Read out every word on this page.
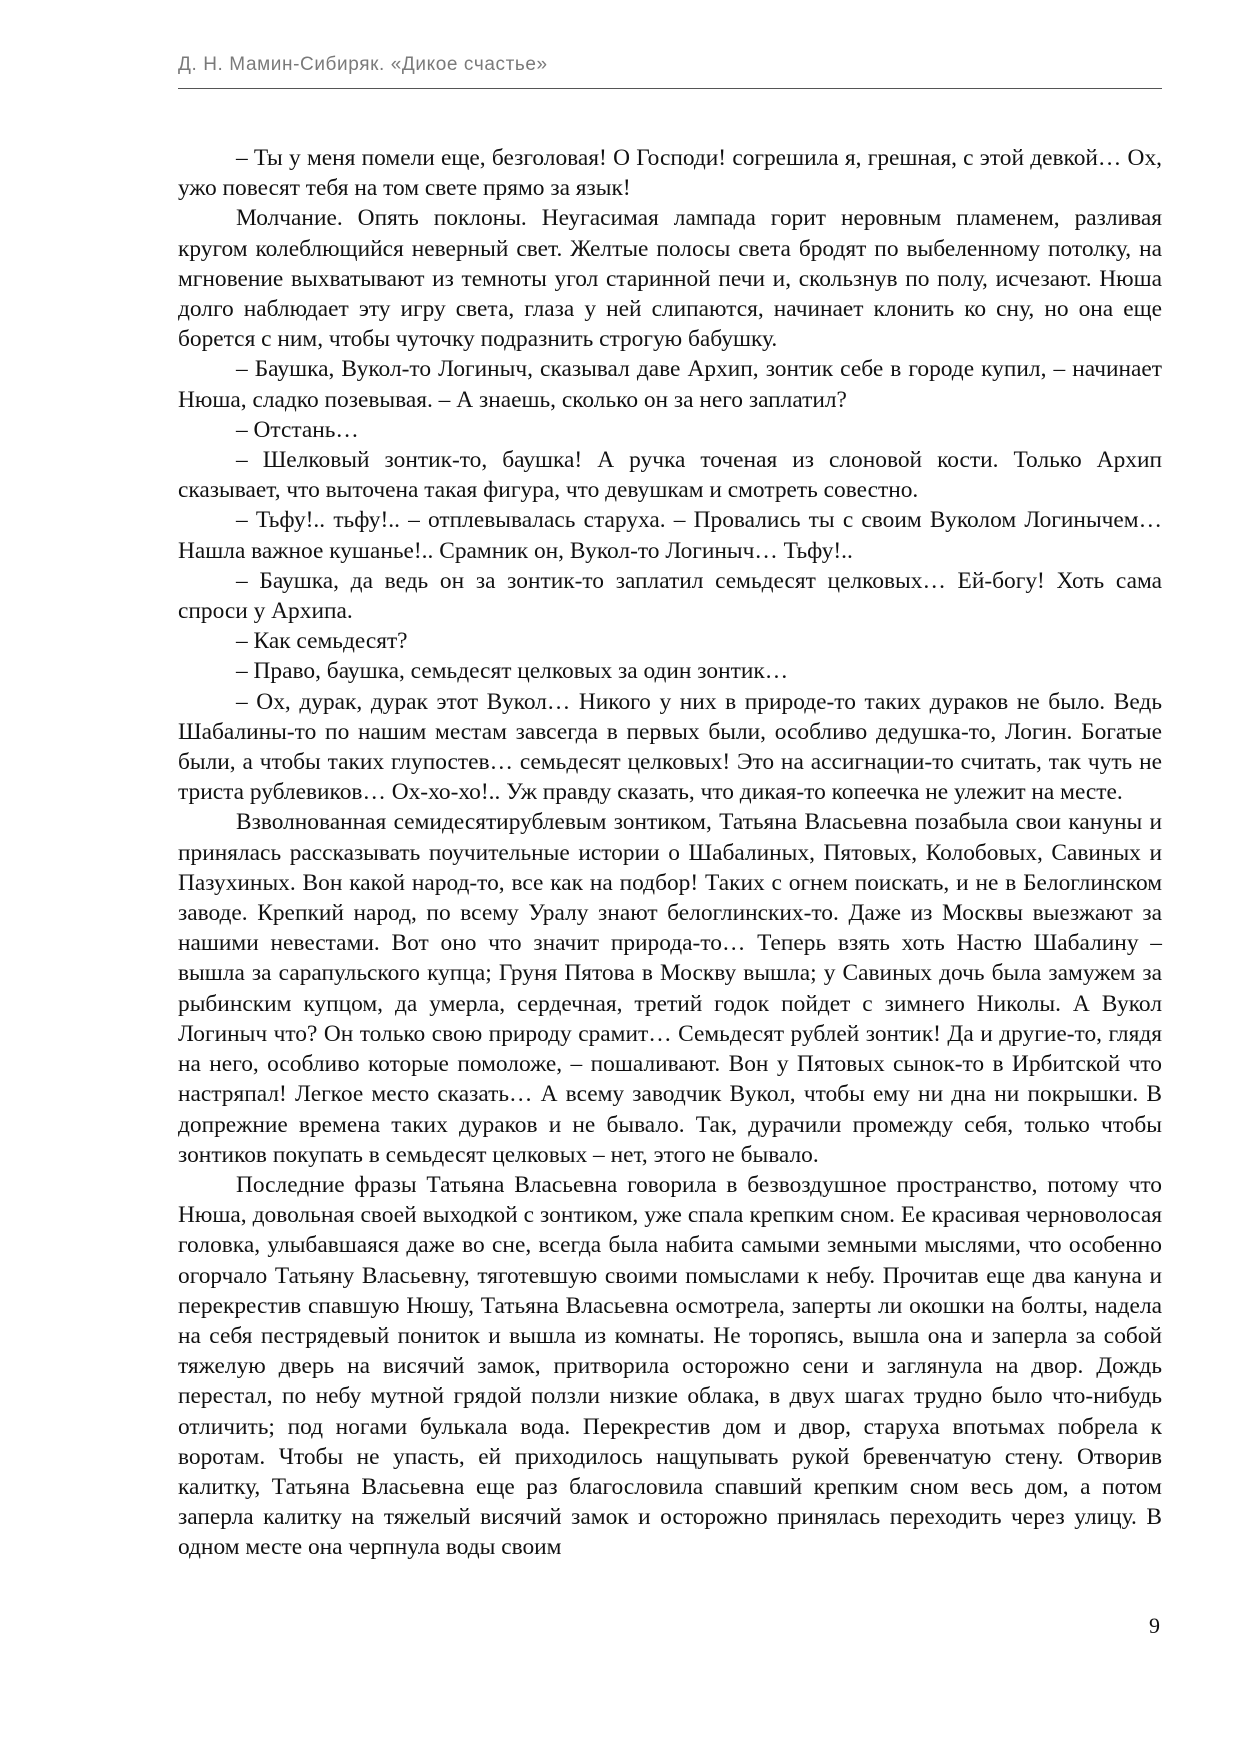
Д. Н. Мамин-Сибиряк. «Дикое счастье»

– Ты у меня помели еще, безголовая! О Господи! согрешила я, грешная, с этой девкой… Ох, ужо повесят тебя на том свете прямо за язык!

Молчание. Опять поклоны. Неугасимая лампада горит неровным пламенем, разливая кругом колеблющийся неверный свет. Желтые полосы света бродят по выбеленному потолку, на мгновение выхватывают из темноты угол старинной печи и, скользнув по полу, исчезают. Нюша долго наблюдает эту игру света, глаза у ней слипаются, начинает клонить ко сну, но она еще борется с ним, чтобы чуточку подразнить строгую бабушку.

– Баушка, Вукол-то Логиныч, сказывал даве Архип, зонтик себе в городе купил, – начинает Нюша, сладко позевывая. – А знаешь, сколько он за него заплатил?

– Отстань…

– Шелковый зонтик-то, баушка! А ручка точеная из слоновой кости. Только Архип сказывает, что выточена такая фигура, что девушкам и смотреть совестно.

– Тьфу!.. тьфу!.. – отплевывалась старуха. – Провались ты с своим Вуколом Логинычем… Нашла важное кушанье!.. Срамник он, Вукол-то Логиныч… Тьфу!..

– Баушка, да ведь он за зонтик-то заплатил семьдесят целковых… Ей-богу! Хоть сама спроси у Архипа.

– Как семьдесят?

– Право, баушка, семьдесят целковых за один зонтик…

– Ох, дурак, дурак этот Вукол… Никого у них в природе-то таких дураков не было. Ведь Шабалины-то по нашим местам завсегда в первых были, особливо дедушка-то, Логин. Богатые были, а чтобы таких глупостев… семьдесят целковых! Это на ассигнации-то считать, так чуть не триста рублевиков… Ох-хо-хо!.. Уж правду сказать, что дикая-то копеечка не улежит на месте.

Взволнованная семидесятирублевым зонтиком, Татьяна Власьевна позабыла свои кануны и принялась рассказывать поучительные истории о Шабалиных, Пятовых, Колобовых, Савиных и Пазухиных. Вон какой народ-то, все как на подбор! Таких с огнем поискать, и не в Белоглинском заводе. Крепкий народ, по всему Уралу знают белоглинских-то. Даже из Москвы выезжают за нашими невестами. Вот оно что значит природа-то… Теперь взять хоть Настю Шабалину – вышла за сарапульского купца; Груня Пятова в Москву вышла; у Савиных дочь была замужем за рыбинским купцом, да умерла, сердечная, третий годок пойдет с зимнего Николы. А Вукол Логиныч что? Он только свою природу срамит… Семьдесят рублей зонтик! Да и другие-то, глядя на него, особливо которые помоложе, – пошаливают. Вон у Пятовых сынок-то в Ирбитской что настряпал! Легкое место сказать… А всему заводчик Вукол, чтобы ему ни дна ни покрышки. В допрежние времена таких дураков и не бывало. Так, дурачили промежду себя, только чтобы зонтиков покупать в семьдесят целковых – нет, этого не бывало.

Последние фразы Татьяна Власьевна говорила в безвоздушное пространство, потому что Нюша, довольная своей выходкой с зонтиком, уже спала крепким сном. Ее красивая черноволосая головка, улыбавшаяся даже во сне, всегда была набита самыми земными мыслями, что особенно огорчало Татьяну Власьевну, тяготевшую своими помыслами к небу. Прочитав еще два кануна и перекрестив спавшую Нюшу, Татьяна Власьевна осмотрела, заперты ли окошки на болты, надела на себя пестрядевый пониток и вышла из комнаты. Не торопясь, вышла она и заперла за собой тяжелую дверь на висячий замок, притворила осторожно сени и заглянула на двор. Дождь перестал, по небу мутной грядой ползли низкие облака, в двух шагах трудно было что-нибудь отличить; под ногами булькала вода. Перекрестив дом и двор, старуха впотьмах побрела к воротам. Чтобы не упасть, ей приходилось нащупывать рукой бревенчатую стену. Отворив калитку, Татьяна Власьевна еще раз благословила спавший крепким сном весь дом, а потом заперла калитку на тяжелый висячий замок и осторожно принялась переходить через улицу. В одном месте она черпнула воды своим

9
